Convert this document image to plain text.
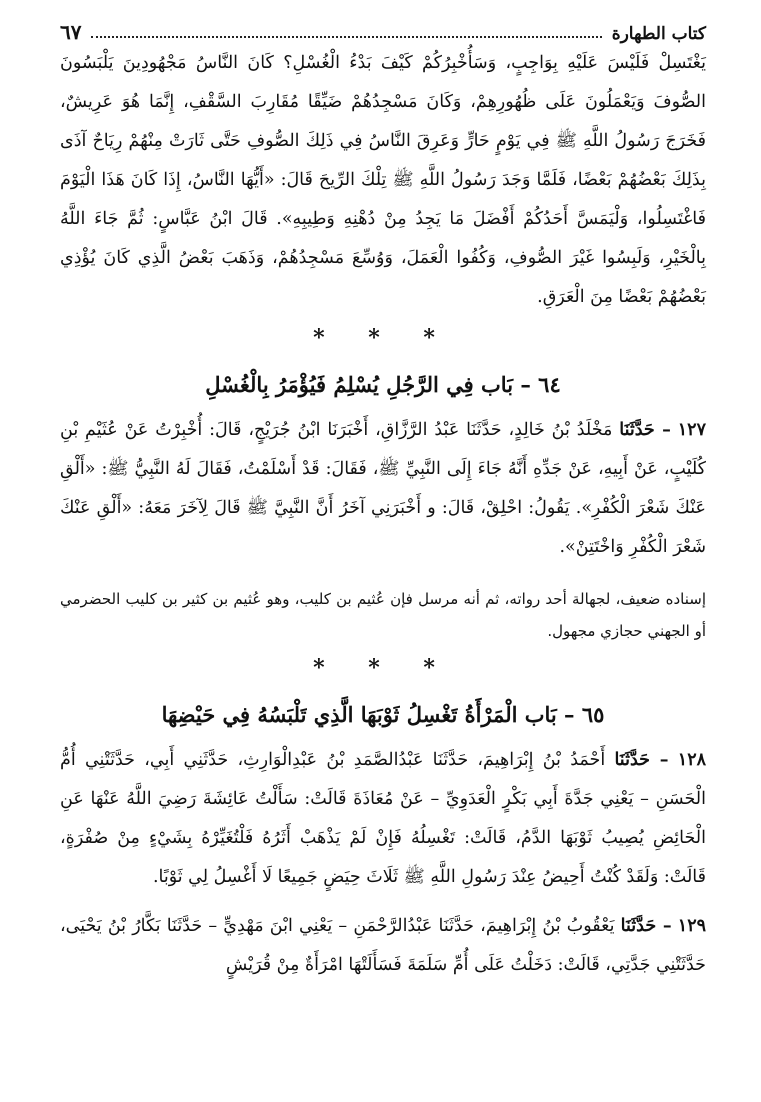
كتاب الطهارة
٦٧

يَغْتَسِلْ فَلَيْسَ عَلَيْهِ بِوَاجِبٍ، وَسَأُخْبِرُكُمْ كَيْفَ بَدْءُ الْغُسْلِ؟ كَانَ النَّاسُ مَجْهُودِينَ يَلْبَسُونَ الصُّوفَ وَيَعْمَلُونَ عَلَى ظُهُورِهِمْ، وَكَانَ مَسْجِدُهُمْ ضَيِّقًا مُقَارِبَ السَّقْفِ، إِنَّمَا هُوَ عَرِيشٌ، فَخَرَجَ رَسُولُ اللَّهِ ﷺ فِي يَوْمٍ حَارٍّ وَعَرِقَ النَّاسُ فِي ذَلِكَ الصُّوفِ حَتَّى ثَارَتْ مِنْهُمْ رِيَاحٌ آذَى بِذَلِكَ بَعْضُهُمْ بَعْضًا، فَلَمَّا وَجَدَ رَسُولُ اللَّهِ ﷺ تِلْكَ الرِّيحَ قَالَ: «أَيُّهَا النَّاسُ، إِذَا كَانَ هَذَا الْيَوْمَ فَاغْتَسِلُوا، وَلْيَمَسَّ أَحَدُكُمْ أَفْضَلَ مَا يَجِدُ مِنْ دُهْنِهِ وَطِيبِهِ». قَالَ ابْنُ عَبَّاسٍ: ثُمَّ جَاءَ اللَّهُ بِالْخَيْرِ، وَلَبِسُوا غَيْرَ الصُّوفِ، وَكُفُوا الْعَمَلَ، وَوُسِّعَ مَسْجِدُهُمْ، وَذَهَبَ بَعْضُ الَّذِي كَانَ يُؤْذِي بَعْضُهُمْ بَعْضًا مِنَ الْعَرَقِ.

* * *
٦٤ – بَاب فِي الرَّجُلِ يُسْلِمُ فَيُؤْمَرُ بِالْغُسْلِ

١٢٧ – حَدَّثَنَا مَخْلَدُ بْنُ خَالِدٍ، حَدَّثَنَا عَبْدُ الرَّزَّاقِ، أَخْبَرَنَا ابْنُ جُرَيْجٍ، قَالَ: أُخْبِرْتُ عَنْ عُثَيْمِ بْنِ كُلَيْبٍ، عَنْ أَبِيهِ، عَنْ جَدِّهِ أَنَّهُ جَاءَ إِلَى النَّبِيِّ ﷺ، فَقَالَ: قَدْ أَسْلَمْتُ، فَقَالَ لَهُ النَّبِيُّ ﷺ: «أَلْقِ عَنْكَ شَعْرَ الْكُفْرِ». يَقُولُ: احْلِقْ، قَالَ: و أَخْبَرَنِي آخَرُ أَنَّ النَّبِيَّ ﷺ قَالَ لِآخَرَ مَعَهُ: «أَلْقِ عَنْكَ شَعْرَ الْكُفْرِ وَاخْتَتِنْ».

إسناده ضعيف، لجهالة أحد رواته، ثم أنه مرسل فإن عُثيم بن كليب، وهو عُثيم بن كثير بن كليب الحضرمي أو الجهني حجازي مجهول.

* * *
٦٥ – بَاب الْمَرْأَةُ تَغْسِلُ ثَوْبَهَا الَّذِي تَلْبَسُهُ فِي حَيْضِهَا

١٢٨ – حَدَّثَنَا أَحْمَدُ بْنُ إِبْرَاهِيمَ، حَدَّثَنَا عَبْدُالصَّمَدِ بْنُ عَبْدِالْوَارِثِ، حَدَّثَنِي أَبِي، حَدَّثَتْنِي أُمُّ الْحَسَنِ – يَعْنِي جَدَّةَ أَبِي بَكْرٍ الْعَدَوِيِّ – عَنْ مُعَاذَةَ قَالَتْ: سَأَلْتُ عَائِشَةَ رَضِيَ اللَّهُ عَنْهَا عَنِ الْحَائِضِ يُصِيبُ ثَوْبَهَا الدَّمُ، قَالَتْ: تَغْسِلُهُ فَإِنْ لَمْ يَذْهَبْ أَثَرُهُ فَلْتُغَيِّرْهُ بِشَيْءٍ مِنْ صُفْرَةٍ، قَالَتْ: وَلَقَدْ كُنْتُ أَحِيضُ عِنْدَ رَسُولِ اللَّهِ ﷺ ثَلَاثَ حِيَضٍ جَمِيعًا لَا أَغْسِلُ لِي ثَوْبًا.

١٢٩ – حَدَّثَنَا يَعْقُوبُ بْنُ إِبْرَاهِيمَ، حَدَّثَنَا عَبْدُالرَّحْمَنِ – يَعْنِي ابْنَ مَهْدِيٍّ – حَدَّثَنَا بَكَّارُ بْنُ يَحْيَى، حَدَّثَتْنِي جَدَّتِي، قَالَتْ: دَخَلْتُ عَلَى أُمِّ سَلَمَةَ فَسَأَلَتْهَا امْرَأَةٌ مِنْ قُرَيْشٍ
